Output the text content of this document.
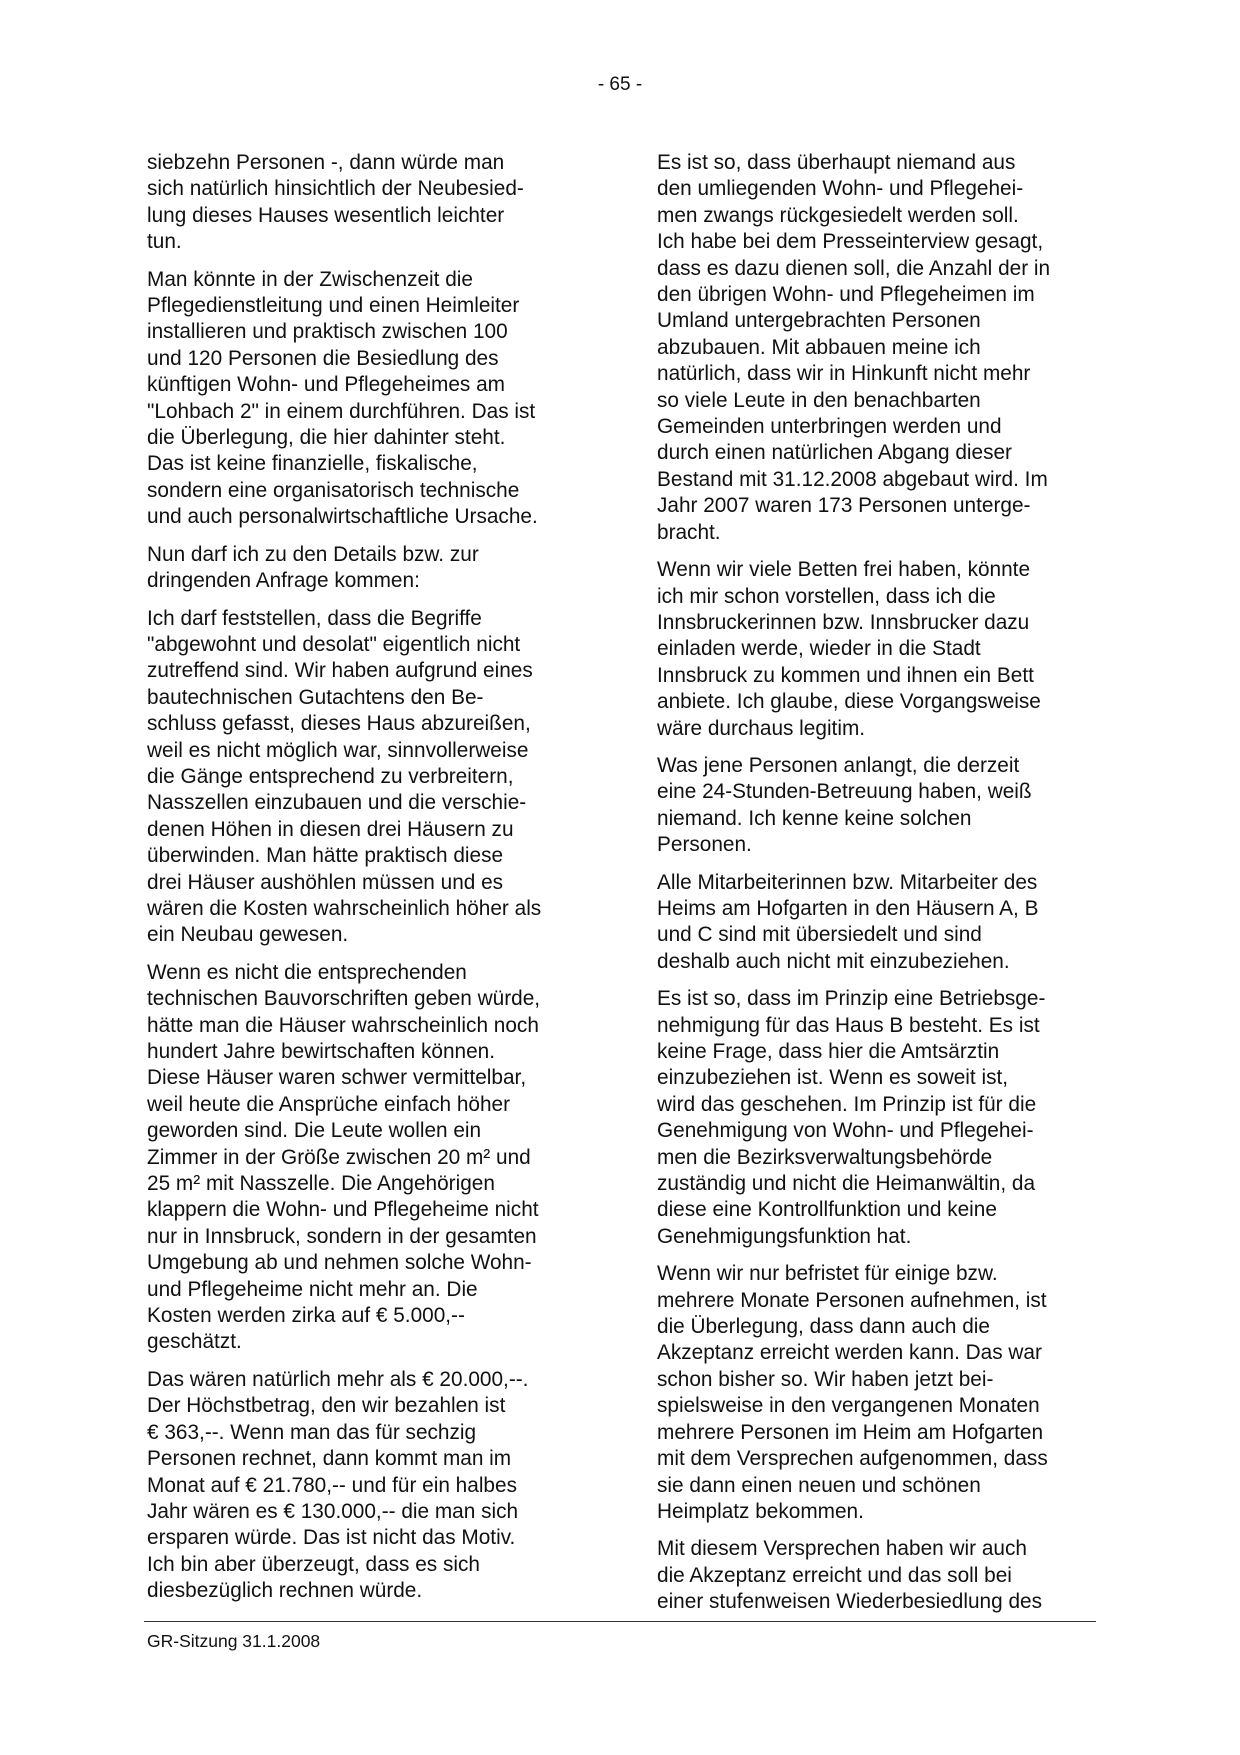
- 65 -

siebzehn Personen -, dann würde man
sich natürlich hinsichtlich der Neubesied-
lung dieses Hauses wesentlich leichter
tun.

Man könnte in der Zwischenzeit die
Pflegedienstleitung und einen Heimleiter
installieren und praktisch zwischen 100
und 120 Personen die Besiedlung des
künftigen Wohn- und Pflegeheimes am
"Lohbach 2" in einem durchführen. Das ist
die Überlegung, die hier dahinter steht.
Das ist keine finanzielle, fiskalische,
sondern eine organisatorisch technische
und auch personalwirtschaftliche Ursache.

Nun darf ich zu den Details bzw. zur
dringenden Anfrage kommen:

Ich darf feststellen, dass die Begriffe
"abgewohnt und desolat" eigentlich nicht
zutreffend sind. Wir haben aufgrund eines
bautechnischen Gutachtens den Be-
schluss gefasst, dieses Haus abzureißen,
weil es nicht möglich war, sinnvollerweise
die Gänge entsprechend zu verbreitern,
Nasszellen einzubauen und die verschie-
denen Höhen in diesen drei Häusern zu
überwinden. Man hätte praktisch diese
drei Häuser aushöhlen müssen und es
wären die Kosten wahrscheinlich höher als
ein Neubau gewesen.

Wenn es nicht die entsprechenden
technischen Bauvorschriften geben würde,
hätte man die Häuser wahrscheinlich noch
hundert Jahre bewirtschaften können.
Diese Häuser waren schwer vermittelbar,
weil heute die Ansprüche einfach höher
geworden sind. Die Leute wollen ein
Zimmer in der Größe zwischen 20 m² und
25 m² mit Nasszelle. Die Angehörigen
klappern die Wohn- und Pflegeheime nicht
nur in Innsbruck, sondern in der gesamten
Umgebung ab und nehmen solche Wohn-
und Pflegeheime nicht mehr an. Die
Kosten werden zirka auf € 5.000,--
geschätzt.

Das wären natürlich mehr als € 20.000,--.
Der Höchstbetrag, den wir bezahlen ist
€ 363,--. Wenn man das für sechzig
Personen rechnet, dann kommt man im
Monat auf € 21.780,-- und für ein halbes
Jahr wären es € 130.000,-- die man sich
ersparen würde. Das ist nicht das Motiv.
Ich bin aber überzeugt, dass es sich
diesbezüglich rechnen würde.

Es ist so, dass überhaupt niemand aus
den umliegenden Wohn- und Pflegehei-
men zwangs rückgesiedelt werden soll.
Ich habe bei dem Presseinterview gesagt,
dass es dazu dienen soll, die Anzahl der in
den übrigen Wohn- und Pflegeheimen im
Umland untergebrachten Personen
abzubauen. Mit abbauen meine ich
natürlich, dass wir in Hinkunft nicht mehr
so viele Leute in den benachbarten
Gemeinden unterbringen werden und
durch einen natürlichen Abgang dieser
Bestand mit 31.12.2008 abgebaut wird. Im
Jahr 2007 waren 173 Personen unterge-
bracht.

Wenn wir viele Betten frei haben, könnte
ich mir schon vorstellen, dass ich die
Innsbruckerinnen bzw. Innsbrucker dazu
einladen werde, wieder in die Stadt
Innsbruck zu kommen und ihnen ein Bett
anbiete. Ich glaube, diese Vorgangsweise
wäre durchaus legitim.

Was jene Personen anlangt, die derzeit
eine 24-Stunden-Betreuung haben, weiß
niemand. Ich kenne keine solchen
Personen.

Alle Mitarbeiterinnen bzw. Mitarbeiter des
Heims am Hofgarten in den Häusern A, B
und C sind mit übersiedelt und sind
deshalb auch nicht mit einzubeziehen.

Es ist so, dass im Prinzip eine Betriebsge-
nehmigung für das Haus B besteht. Es ist
keine Frage, dass hier die Amtsärztin
einzubeziehen ist. Wenn es soweit ist,
wird das geschehen. Im Prinzip ist für die
Genehmigung von Wohn- und Pflegehei-
men die Bezirksverwaltungsbehörde
zuständig und nicht die Heimanwältin, da
diese eine Kontrollfunktion und keine
Genehmigungsfunktion hat.

Wenn wir nur befristet für einige bzw.
mehrere Monate Personen aufnehmen, ist
die Überlegung, dass dann auch die
Akzeptanz erreicht werden kann. Das war
schon bisher so. Wir haben jetzt bei-
spielsweise in den vergangenen Monaten
mehrere Personen im Heim am Hofgarten
mit dem Versprechen aufgenommen, dass
sie dann einen neuen und schönen
Heimplatz bekommen.

Mit diesem Versprechen haben wir auch
die Akzeptanz erreicht und das soll bei
einer stufenweisen Wiederbesiedlung des

GR-Sitzung 31.1.2008
